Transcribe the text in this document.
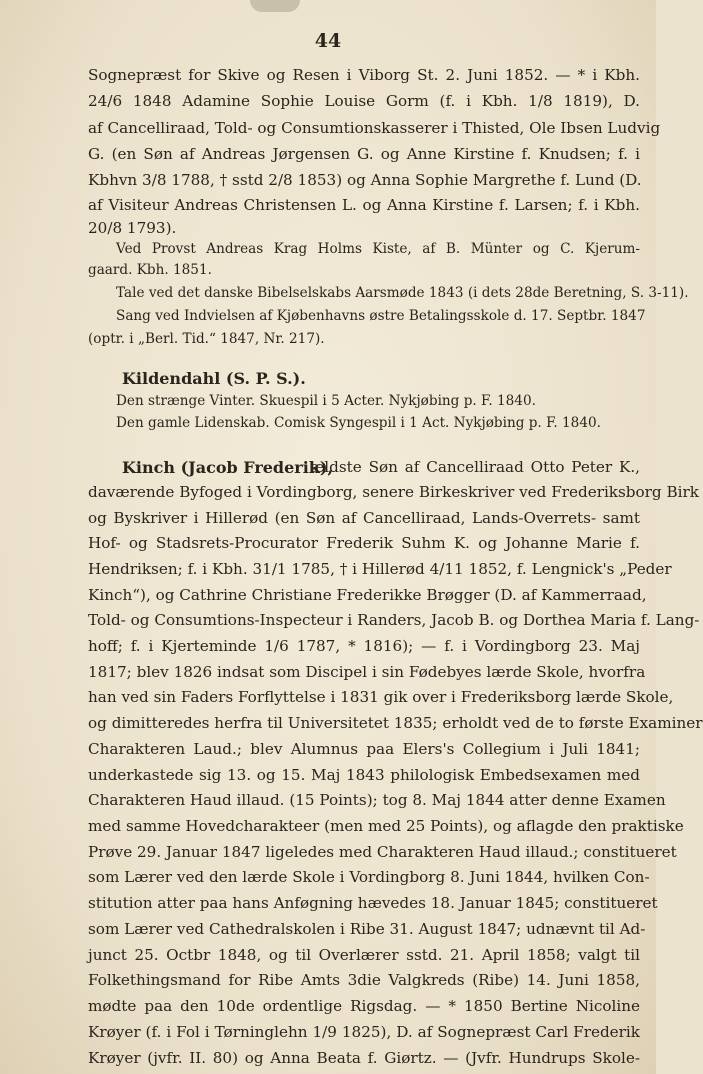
44
Sognepræst for Skive og Resen i Viborg St. 2. Juni 1852. — * i Kbh.
24/6 1848 Adamine Sophie Louise Gorm (f. i Kbh. 1/8 1819), D.
af Cancelliraad, Told- og Consumtionskasserer i Thisted, Ole Ibsen Ludvig
G. (en Søn af Andreas Jørgensen G. og Anne Kirstine f. Knudsen; f. i
Kbhvn 3/8 1788, † sstd 2/8 1853) og Anna Sophie Margrethe f. Lund (D.
af Visiteur Andreas Christensen L. og Anna Kirstine f. Larsen; f. i Kbh.
20/8 1793).
Ved Provst Andreas Krag Holms Kiste, af B. Münter og C. Kjerum-
gaard. Kbh. 1851.
Tale ved det danske Bibelselskabs Aarsmøde 1843 (i dets 28de Beretning, S. 3-11).
Sang ved Indvielsen af Kjøbenhavns østre Betalingsskole d. 17. Septbr. 1847
(optr. i „Berl. Tid.“ 1847, Nr. 217).
Kildendahl (S. P. S.).
Den strænge Vinter. Skuespil i 5 Acter. Nykjøbing p. F. 1840.
Den gamle Lidenskab. Comisk Syngespil i 1 Act. Nykjøbing p. F. 1840.
Kinch (Jacob Frederik),
ældste Søn af Cancelliraad Otto Peter K.,
daværende Byfoged i Vordingborg, senere Birkeskriver ved Frederiksborg Birk
og Byskriver i Hillerød (en Søn af Cancelliraad, Lands-Overrets- samt
Hof- og Stadsrets-Procurator Frederik Suhm K. og Johanne Marie f.
Hendriksen; f. i Kbh. 31/1 1785, † i Hillerød 4/11 1852, f. Lengnick's „Peder
Kinch“), og Cathrine Christiane Frederikke Brøgger (D. af Kammerraad,
Told- og Consumtions-Inspecteur i Randers, Jacob B. og Dorthea Maria f. Lang-
hoff; f. i Kjerteminde 1/6 1787, * 1816); — f. i Vordingborg 23. Maj
1817; blev 1826 indsat som Discipel i sin Fødebyes lærde Skole, hvorfra
han ved sin Faders Forflyttelse i 1831 gik over i Frederiksborg lærde Skole,
og dimitteredes herfra til Universitetet 1835; erholdt ved de to første Examiner
Charakteren Laud.; blev Alumnus paa Elers's Collegium i Juli 1841;
underkastede sig 13. og 15. Maj 1843 philologisk Embedsexamen med
Charakteren Haud illaud. (15 Points); tog 8. Maj 1844 atter denne Examen
med samme Hovedcharakteer (men med 25 Points), og aflagde den praktiske
Prøve 29. Januar 1847 ligeledes med Charakteren Haud illaud.; constitueret
som Lærer ved den lærde Skole i Vordingborg 8. Juni 1844, hvilken Con-
stitution atter paa hans Anføgning hævedes 18. Januar 1845; constitueret
som Lærer ved Cathedralskolen i Ribe 31. August 1847; udnævnt til Ad-
junct 25. Octbr 1848, og til Overlærer sstd. 21. April 1858; valgt til
Folkethingsmand for Ribe Amts 3die Valgkreds (Ribe) 14. Juni 1858,
mødte paa den 10de ordentlige Rigsdag. — * 1850 Bertine Nicoline
Krøyer (f. i Fol i Tørninglehn 1/9 1825), D. af Sognepræst Carl Frederik
Krøyer (jvfr. II. 80) og Anna Beata f. Giørtz. — (Jvfr. Hundrups Skole-
